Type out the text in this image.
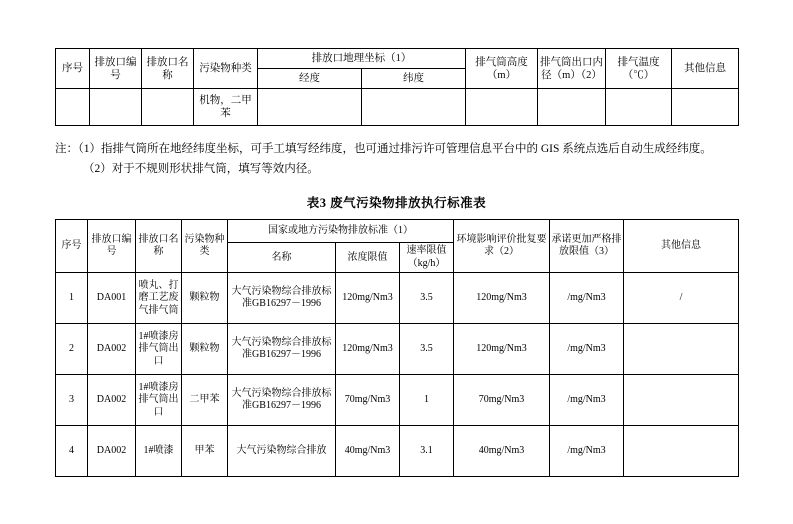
序号	排放口编号	排放口名称	污染物种类	排放口地理坐标（1）		排气筒高度（m）	排气筒出口内径（m）（2）	排气温度（℃）	其他信息
				经度	纬度				
			机物，二甲苯						
注：（1）指排气筒所在地经纬度坐标，可手工填写经纬度，也可通过排污许可管理信息平台中的 GIS 系统点选后自动生成经纬度。
（2）对于不规则形状排气筒，填写等效内径。
表3 废气污染物排放执行标准表
序号	排放口编号	排放口名称	污染物种类	国家或地方污染物排放标准（1）			环境影响评价批复要求（2）	承诺更加严格排放限值（3）	其他信息
				名称	浓度限值	速率限值（kg/h）			
1	DA001	喷丸、打磨工艺废气排气筒	颗粒物	大气污染物综合排放标准GB16297－1996	120mg/Nm3	3.5	120mg/Nm3	/mg/Nm3	/
2	DA002	1#喷漆房排气筒出口	颗粒物	大气污染物综合排放标准GB16297－1996	120mg/Nm3	3.5	120mg/Nm3	/mg/Nm3	
3	DA002	1#喷漆房排气筒出口	二甲苯	大气污染物综合排放标准GB16297－1996	70mg/Nm3	1	70mg/Nm3	/mg/Nm3	
4	DA002	1#喷漆	甲苯	大气污染物综合排放	40mg/Nm3	3.1	40mg/Nm3	/mg/Nm3	
